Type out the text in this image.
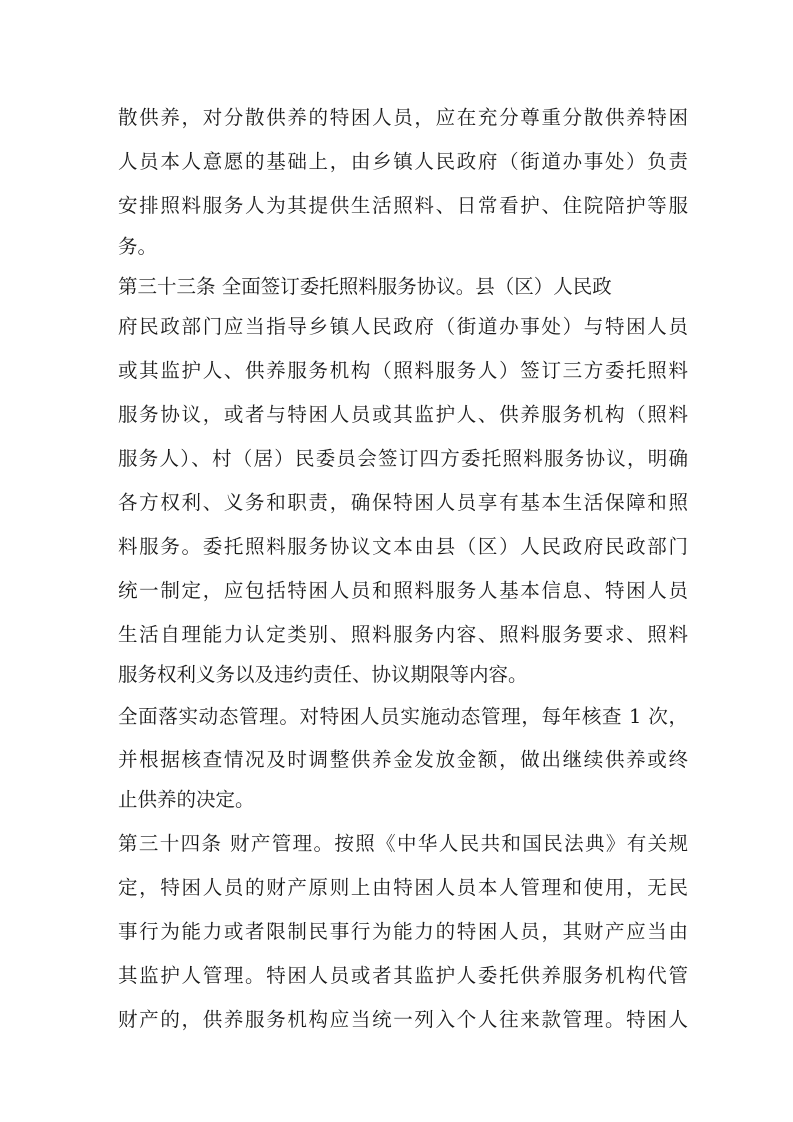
散供养，对分散供养的特困人员，应在充分尊重分散供养特困
人员本人意愿的基础上，由乡镇人民政府（街道办事处）负责
安排照料服务人为其提供生活照料、日常看护、住院陪护等服
务。
第三十三条 全面签订委托照料服务协议。县（区）人民政
府民政部门应当指导乡镇人民政府（街道办事处）与特困人员
或其监护人、供养服务机构（照料服务人）签订三方委托照料
服务协议，或者与特困人员或其监护人、供养服务机构（照料
服务人）、村（居）民委员会签订四方委托照料服务协议，明确
各方权利、义务和职责，确保特困人员享有基本生活保障和照
料服务。委托照料服务协议文本由县（区）人民政府民政部门
统一制定，应包括特困人员和照料服务人基本信息、特困人员
生活自理能力认定类别、照料服务内容、照料服务要求、照料
服务权利义务以及违约责任、协议期限等内容。
全面落实动态管理。对特困人员实施动态管理，每年核查 1 次，
并根据核查情况及时调整供养金发放金额，做出继续供养或终
止供养的决定。
第三十四条 财产管理。按照《中华人民共和国民法典》有关规
定，特困人员的财产原则上由特困人员本人管理和使用，无民
事行为能力或者限制民事行为能力的特困人员，其财产应当由
其监护人管理。特困人员或者其监护人委托供养服务机构代管
财产的，供养服务机构应当统一列入个人往来款管理。特困人
